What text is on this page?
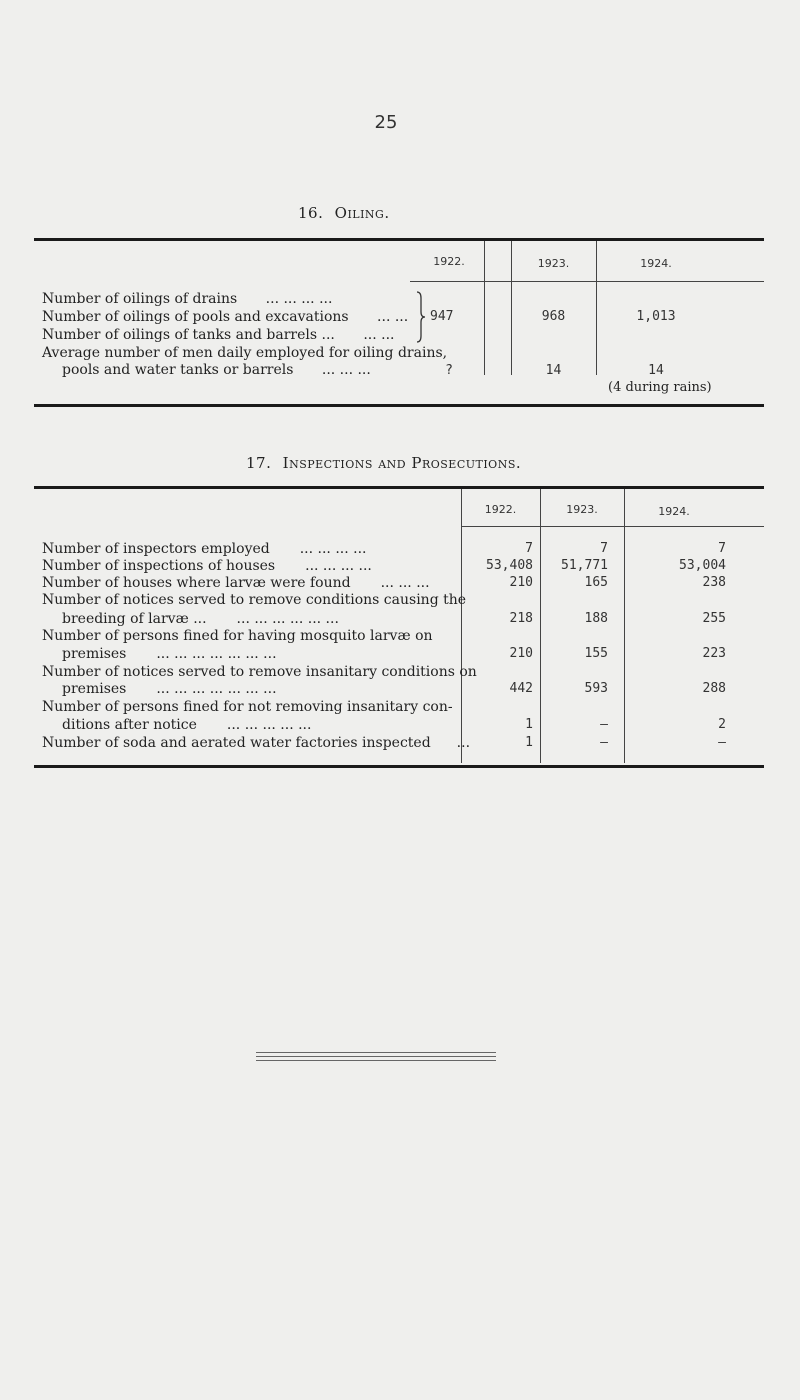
25
16. Oiling.
1922.	1923.	1924.
Number of oilings of drains ... ... ... ...
Number of oilings of pools and excavations ... ...
Number of oilings of tanks and barrels ... ... ...
Average number of men daily employed for oiling drains,
pools and water tanks or barrels ... ... ...
947	968	1,013
?	14	14
(4 during rains)
17. Inspections and Prosecutions.
1922.	1923.	1924.
Number of inspectors employed ... ... ... ...	7	7	7
Number of inspections of houses ... ... ... ...	53,408	51,771	53,004
Number of houses where larvæ were found ... ... ...	210	165	238
Number of notices served to remove conditions causing the
breeding of larvæ ... ... ... ... ... ... ...	218	188	255
Number of persons fined for having mosquito larvæ on
premises ... ... ... ... ... ... ...	210	155	223
Number of notices served to remove insanitary conditions on
premises ... ... ... ... ... ... ...	442	593	288
Number of persons fined for not removing insanitary con-
ditions after notice ... ... ... ... ...	1	—	2
Number of soda and aerated water factories inspected ...	1	—	—
